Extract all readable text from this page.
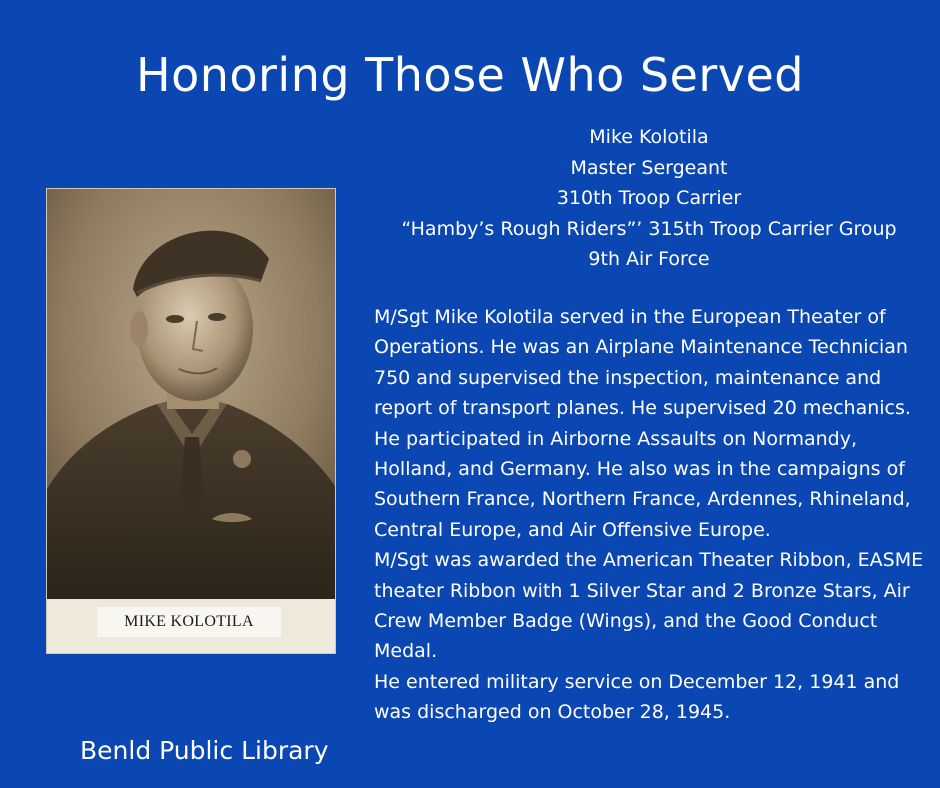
Honoring Those Who Served
MIKE KOLOTILA
Mike Kolotila
Master Sergeant
310th Troop Carrier
“Hamby’s Rough Riders”’ 315th Troop Carrier Group
9th Air Force

M/Sgt Mike Kolotila served in the European Theater of Operations. He was an Airplane Maintenance Technician 750 and supervised the inspection, maintenance and report of transport planes. He supervised 20 mechanics.

He participated in Airborne Assaults on Normandy, Holland, and Germany. He also was in the campaigns of Southern France, Northern France, Ardennes, Rhineland, Central Europe, and Air Offensive Europe.

M/Sgt was awarded the American Theater Ribbon, EASME theater Ribbon with 1 Silver Star and 2 Bronze Stars, Air Crew Member Badge (Wings), and the Good Conduct Medal.

He entered military service on December 12, 1941 and was discharged on October 28, 1945.

Benld Public Library
